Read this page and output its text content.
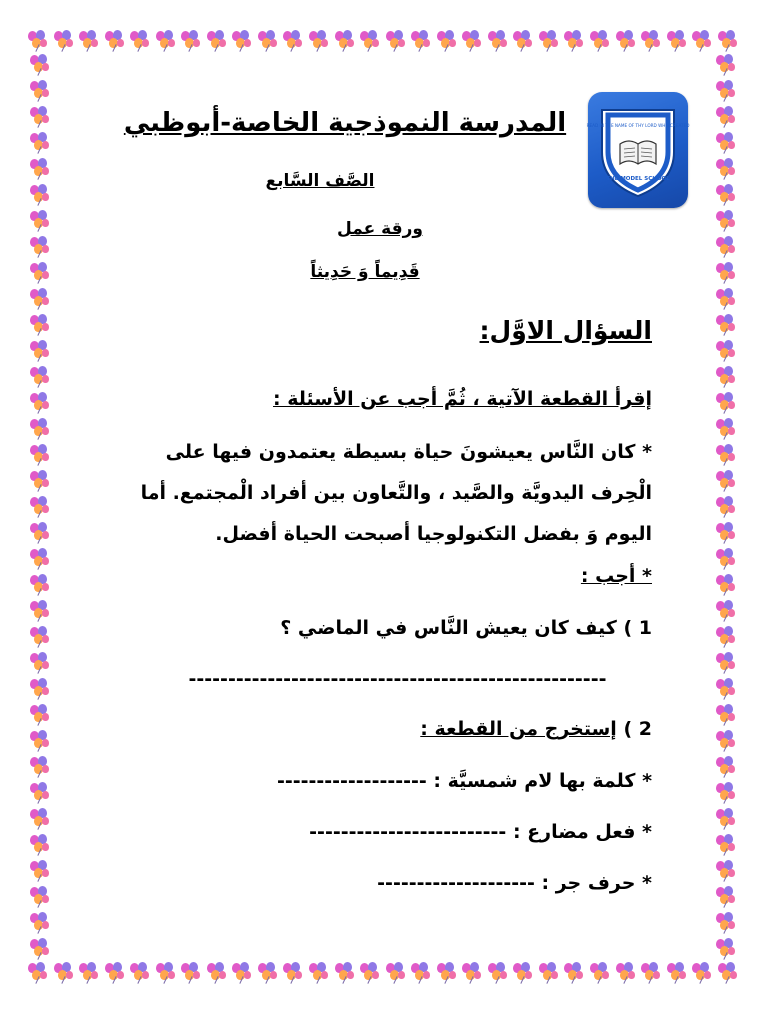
READ IN THE NAME OF THY LORD WHO CREATED
THE MODEL SCHOOL
المدرسة النموذجية الخاصة-أبوظبي
الصَّف السَّابع
ورقة عمل
قَدِيماً وَ حَدِيثاً
السؤال الاوَّل:
إقرأ القطعة الآتية ، ثُمَّ أجب عن الأسئلة :
* كان النَّاس يعيشونَ حياة بسيطة يعتمدون فيها على الْحِرف اليدويَّة والصَّيد ، والتَّعاون بين أفراد الْمجتمع. أما اليوم وَ بفضل التكنولوجيا أصبحت الحياة أفضل.
* أجب :
1 ) كيف كان يعيش النَّاس في الماضي ؟
-----------------------------------------------------
2 ) إستخرج من القطعة :
* كلمة بها لام شمسيَّة : -------------------
* فعل مضارع : -------------------------
* حرف جر : --------------------
